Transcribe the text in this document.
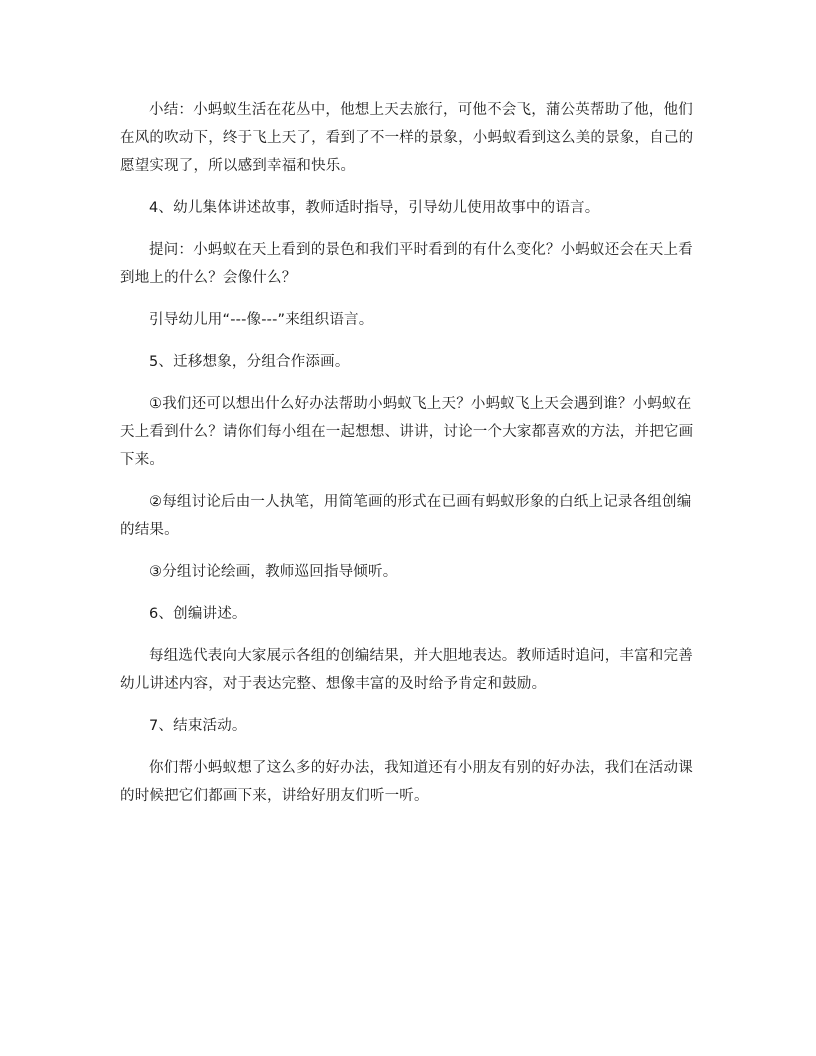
小结：小蚂蚁生活在花丛中，他想上天去旅行，可他不会飞，蒲公英帮助了他，他们在风的吹动下，终于飞上天了，看到了不一样的景象，小蚂蚁看到这么美的景象，自己的愿望实现了，所以感到幸福和快乐。

4、幼儿集体讲述故事，教师适时指导，引导幼儿使用故事中的语言。

提问：小蚂蚁在天上看到的景色和我们平时看到的有什么变化？小蚂蚁还会在天上看到地上的什么？会像什么？

引导幼儿用“---像---”来组织语言。

5、迁移想象，分组合作添画。

①我们还可以想出什么好办法帮助小蚂蚁飞上天？小蚂蚁飞上天会遇到谁？小蚂蚁在天上看到什么？请你们每小组在一起想想、讲讲，讨论一个大家都喜欢的方法，并把它画下来。

②每组讨论后由一人执笔，用简笔画的形式在已画有蚂蚁形象的白纸上记录各组创编的结果。

③分组讨论绘画，教师巡回指导倾听。

6、创编讲述。

每组选代表向大家展示各组的创编结果，并大胆地表达。教师适时追问，丰富和完善幼儿讲述内容，对于表达完整、想像丰富的及时给予肯定和鼓励。

7、结束活动。

你们帮小蚂蚁想了这么多的好办法，我知道还有小朋友有别的好办法，我们在活动课的时候把它们都画下来，讲给好朋友们听一听。
